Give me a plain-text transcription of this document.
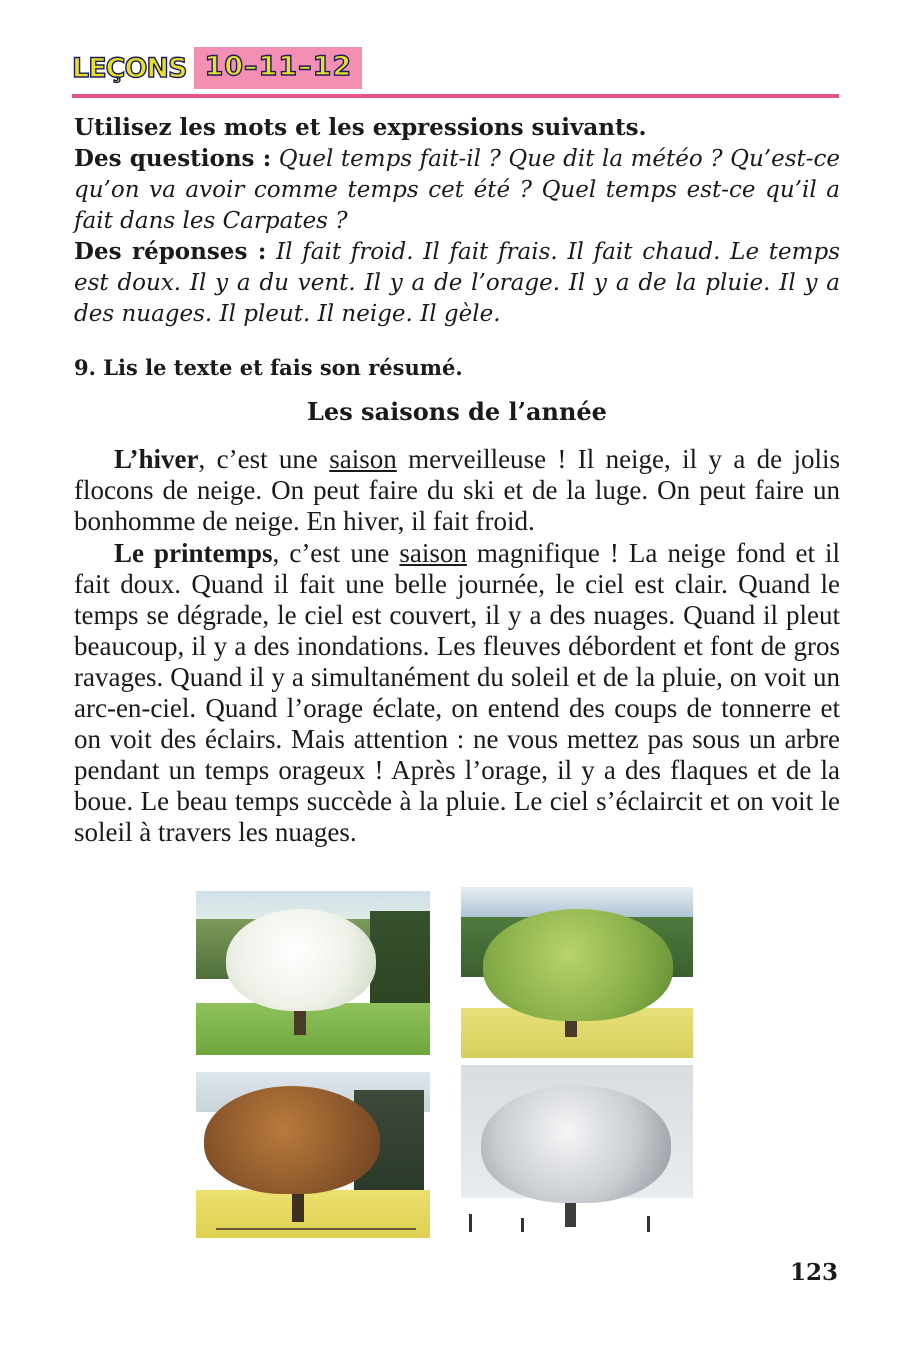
LEÇONS 10–11–12
Utilisez les mots et les expressions suivants.
Des questions : Quel temps fait-il ? Que dit la météo ? Qu’est-ce qu’on va avoir comme temps cet été ? Quel temps est-ce qu’il a fait dans les Carpates ?
Des réponses : Il fait froid. Il fait frais. Il fait chaud. Le temps est doux. Il y a du vent. Il y a de l’orage. Il y a de la pluie. Il y a des nuages. Il pleut. Il neige. Il gèle.
9. Lis le texte et fais son résumé.
Les saisons de l’année
L’hiver, c’est une saison merveilleuse ! Il neige, il y a de jolis flocons de neige. On peut faire du ski et de la luge. On peut faire un bonhomme de neige. En hiver, il fait froid.
Le printemps, c’est une saison magnifique ! La neige fond et il fait doux. Quand il fait une belle journée, le ciel est clair. Quand le temps se dégrade, le ciel est couvert, il y a des nuages. Quand il pleut beaucoup, il y a des inondations. Les fleuves débordent et font de gros ravages. Quand il y a simultanément du soleil et de la pluie, on voit un arc-en-ciel. Quand l’orage éclate, on entend des coups de tonnerre et on voit des éclairs. Mais attention : ne vous mettez pas sous un arbre pendant un temps orageux ! Après l’orage, il y a des flaques et de la boue. Le beau temps succède à la pluie. Le ciel s’éclaircit et on voit le soleil à travers les nuages.
123
